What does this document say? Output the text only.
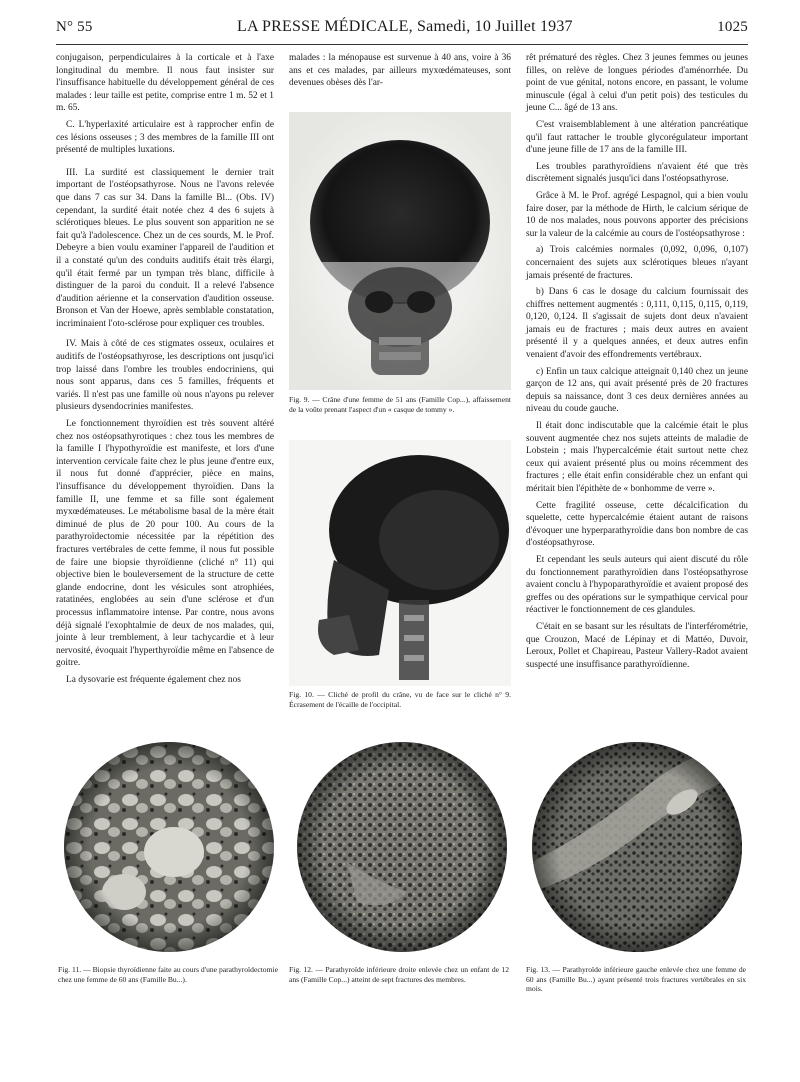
N° 55	LA PRESSE MÉDICALE, Samedi, 10 Juillet 1937	1025

conjugaison, perpendiculaires à la corticale et à l'axe longitudinal du membre. Il nous faut insister sur l'insuffisance habituelle du développement général de ces malades : leur taille est petite, comprise entre 1 m. 52 et 1 m. 65.

C. L'hyperlaxité articulaire est à rapprocher enfin de ces lésions osseuses ; 3 des membres de la famille III ont présenté de multiples luxations.

III. La surdité est classiquement le dernier trait important de l'ostéopsathyrose. Nous ne l'avons relevée que dans 7 cas sur 34. Dans la famille Bl... (Obs. IV) cependant, la surdité était notée chez 4 des 6 sujets à sclérotiques bleues. Le plus souvent son apparition ne se fait qu'à l'adolescence. Chez un de ces sourds, M. le Prof. Debeyre a bien voulu examiner l'appareil de l'audition et il a constaté qu'un des conduits auditifs était très élargi, qu'il était fermé par un tympan très blanc, difficile à distinguer de la paroi du conduit. Il a relevé l'absence d'audition aérienne et la conservation d'audition osseuse. Bronson et Van der Hoewe, après semblable constatation, incriminaient l'oto-sclérose pour expliquer ces troubles.

IV. Mais à côté de ces stigmates osseux, oculaires et auditifs de l'ostéopsathyrose, les descriptions ont jusqu'ici trop laissé dans l'ombre les troubles endocriniens, qui nous sont apparus, dans ces 5 familles, fréquents et variés. Il n'est pas une famille où nous n'ayons pu relever plusieurs dysendocrinies manifestes.

Le fonctionnement thyroïdien est très souvent altéré chez nos ostéopsathyrotiques : chez tous les membres de la famille I l'hypothyroïdie est manifeste, et lors d'une intervention cervicale faite chez le plus jeune d'entre eux, il nous fut donné d'apprécier, pièce en mains, l'insuffisance du développement thyroïdien. Dans la famille II, une femme et sa fille sont également myxœdémateuses. Le métabolisme basal de la mère était diminué de plus de 20 pour 100. Au cours de la parathyroïdectomie nécessitée par la répétition des fractures vertébrales de cette femme, il nous fut possible de faire une biopsie thyroïdienne (cliché n° 11) qui objective bien le bouleversement de la structure de cette glande endocrine, dont les vésicules sont atrophiées, ratatinées, englobées au sein d'une sclérose et d'un processus inflammatoire intense. Par contre, nous avons déjà signalé l'exophtalmie de deux de nos malades, qui, jointe à leur tremblement, à leur tachycardie et à leur nervosité, évoquait l'hyperthyroïdie même en l'absence de goitre.

La dysovarie est fréquente également chez nos

malades : la ménopause est survenue à 40 ans, voire à 36 ans et ces malades, par ailleurs myxœdémateuses, sont devenues obèses dès l'ar-

Fig. 9. — Crâne d'une femme de 51 ans (Famille Cop...), affaissement de la voûte prenant l'aspect d'un « casque de tommy ».
Fig. 10. — Cliché de profil du crâne, vu de face sur le cliché n° 9. Écrasement de l'écaille de l'occipital.

rêt prématuré des règles. Chez 3 jeunes femmes ou jeunes filles, on relève de longues périodes d'aménorrhée. Du point de vue génital, notons encore, en passant, le volume minuscule (égal à celui d'un petit pois) des testicules du jeune C... âgé de 13 ans.

C'est vraisemblablement à une altération pancréatique qu'il faut rattacher le trouble glycorégulateur important d'une jeune fille de 17 ans de la famille III.

Les troubles parathyroïdiens n'avaient été que très discrètement signalés jusqu'ici dans l'ostéopsathyrose.

Grâce à M. le Prof. agrégé Lespagnol, qui a bien voulu faire doser, par la méthode de Hirth, le calcium sérique de 10 de nos malades, nous pouvons apporter des précisions sur la valeur de la calcémie au cours de l'ostéopsathyrose :

a) Trois calcémies normales (0,092, 0,096, 0,107) concernaient des sujets aux sclérotiques bleues n'ayant jamais présenté de fractures.

b) Dans 6 cas le dosage du calcium fournissait des chiffres nettement augmentés : 0,111, 0,115, 0,115, 0,119, 0,120, 0,124. Il s'agissait de sujets dont deux n'avaient jamais eu de fractures ; mais deux autres en avaient présenté il y a quelques années, et deux autres enfin venaient d'avoir des effondrements vertébraux.

c) Enfin un taux calcique atteignait 0,140 chez un jeune garçon de 12 ans, qui avait présenté près de 20 fractures depuis sa naissance, dont 3 ces deux dernières années au niveau du coude gauche.

Il était donc indiscutable que la calcémie était le plus souvent augmentée chez nos sujets atteints de maladie de Lobstein ; mais l'hypercalcémie était surtout nette chez ceux qui avaient présenté plus ou moins récemment des fractures ; elle était enfin considérable chez un enfant qui méritait bien l'épithète de « bonhomme de verre ».

Cette fragilité osseuse, cette décalcification du squelette, cette hypercalcémie étaient autant de raisons d'évoquer une hyperparathyroïdie dans bon nombre de cas d'ostéopsathyrose.

Et cependant les seuls auteurs qui aient discuté du rôle du fonctionnement parathyroïdien dans l'ostéopsathyrose avaient conclu à l'hypoparathyroïdie et avaient proposé des greffes ou des opérations sur le sympathique cervical pour réactiver le fonctionnement de ces glandules.

C'était en se basant sur les résultats de l'interférométrie, que Crouzon, Macé de Lépinay et di Mattéo, Duvoir, Leroux, Pollet et Chapireau, Pasteur Vallery-Radot avaient suspecté une insuffisance parathyroïdienne.

Fig. 11. — Biopsie thyroïdienne faite au cours d'une parathyroïdectomie chez une femme de 60 ans (Famille Bu...).
Fig. 12. — Parathyroïde inférieure droite enlevée chez un enfant de 12 ans (Famille Cop...) atteint de sept fractures des membres.
Fig. 13. — Parathyroïde inférieure gauche enlevée chez une femme de 60 ans (Famille Bu...) ayant présenté trois fractures vertébrales en six mois.
